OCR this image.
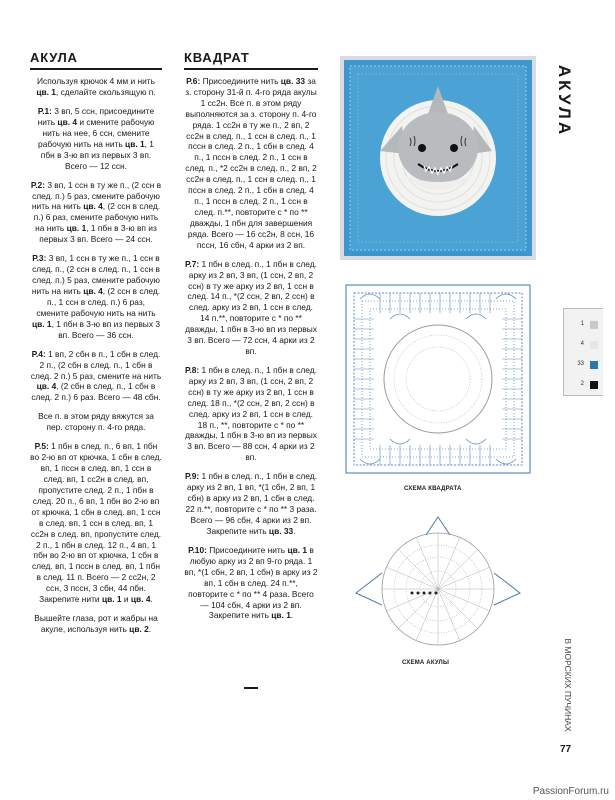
АКУЛА
Используя крючок 4 мм и нить цв. 1, сделайте скользящую п.
Р.1: 3 вп, 5 ссн, присоедините нить цв. 4 и смените рабочую нить на нее, 6 ссн, смените рабочую нить на нить цв. 1, 1 пбн в 3-ю вп из первых 3 вп. Всего — 12 ссн.
Р.2: 3 вп, 1 ссн в ту же п., (2 ссн в след. п.) 5 раз, смените рабочую нить на нить цв. 4, (2 ссн в след. п.) 6 раз, смените рабочую нить на нить цв. 1, 1 пбн в 3-ю вп из первых 3 вп. Всего — 24 ссн.
Р.3: 3 вп, 1 ссн в ту же п., 1 ссн в след. п., (2 ссн в след. п., 1 ссн в след. п.) 5 раз, смените рабочую нить на нить цв. 4, (2 ссн в след. п., 1 ссн в след. п.) 6 раз, смените рабочую нить на нить цв. 1, 1 пбн в 3-ю вп из первых 3 вп. Всего — 36 ссн.
Р.4: 1 вп, 2 сбн в п., 1 сбн в след. 2 п., (2 сбн в след. п., 1 сбн в след. 2 п.) 5 раз, смените на нить цв. 4, (2 сбн в след. п., 1 сбн в след. 2 п.) 6 раз. Всего — 48 сбн.
Все п. в этом ряду вяжутся за пер. сторону п. 4-го ряда.
Р.5: 1 пбн в след. п., 6 вп, 1 пбн во 2-ю вп от крючка, 1 сбн в след. вп, 1 пссн в след. вп, 1 ссн в след. вп, 1 сс2н в след. вп, пропустите след. 2 п., 1 пбн в след. 20 п., 6 вп, 1 пбн во 2-ю вп от крючка, 1 сбн в след. вп, 1 ссн в след. вп, 1 ссн в след. вп, 1 сс2н в след. вп, пропустите след. 2 п., 1 пбн в след. 12 п., 4 вп, 1 пбн во 2-ю вп от крючка, 1 сбн в след. вп, 1 пссн в след. вп, 1 пбн в след. 11 п. Всего — 2 сс2н, 2 ссн, 3 пссн, 3 сбн, 44 пбн. Закрепите нити цв. 1 и цв. 4.
Вышейте глаза, рот и жабры на акуле, используя нить цв. 2.
КВАДРАТ
Р.6: Присоедините нить цв. 33 за з. сторону 31-й п. 4-го ряда акулы 1 сс2н. Все п. в этом ряду выполняются за з. сторону п. 4-го ряда. 1 сс2н в ту же п., 2 вп, 2 сс2н в след. п., 1 ссн в след. п., 1 пссн в след. 2 п., 1 сбн в след. 4 п., 1 пссн в след. 2 п., 1 ссн в след. п., *2 сс2н в след. п., 2 вп, 2 сс2н в след. п., 1 ссн в след. п., 1 пссн в след. 2 п., 1 сбн в след. 4 п., 1 пссн в след. 2 п., 1 ссн в след. п.**, повторите с * по ** дважды, 1 пбн для завершения ряда. Всего — 16 сс2н, 8 ссн, 16 пссн, 16 сбн, 4 арки из 2 вп.
Р.7: 1 пбн в след. п., 1 пбн в след. арку из 2 вп, 3 вп, (1 ссн, 2 вп, 2 ссн) в ту же арку из 2 вп, 1 ссн в след. 14 п., *(2 ссн, 2 вп, 2 ссн) в след. арку из 2 вп, 1 ссн в след. 14 п.**, повторите с * по ** дважды, 1 пбн в 3-ю вп из первых 3 вп. Всего — 72 ссн, 4 арки из 2 вп.
Р.8: 1 пбн в след. п., 1 пбн в след. арку из 2 вп, 3 вп, (1 ссн, 2 вп, 2 ссн) в ту же арку из 2 вп, 1 ссн в след. 18 п., *(2 ссн, 2 вп, 2 ссн) в след. арку из 2 вп, 1 ссн в след. 18 п., **, повторите с * по ** дважды, 1 пбн в 3-ю вп из первых 3 вп. Всего — 88 ссн, 4 арки из 2 вп.
Р.9: 1 пбн в след. п., 1 пбн в след. арку из 2 вп, 1 вп, *(1 сбн, 2 вп, 1 сбн) в арку из 2 вп, 1 сбн в след. 22 п.**, повторите с * по ** 3 раза. Всего — 96 сбн, 4 арки из 2 вп. Закрепите нить цв. 33.
Р.10: Присоедините нить цв. 1 в любую арку из 2 вп 9-го ряда. 1 вп, *(1 сбн, 2 вп, 1 сбн) в арку из 2 вп, 1 сбн в след. 24 п.**, повторите с * по ** 4 раза. Всего — 104 сбн, 4 арки из 2 вп. Закрепите нить цв. 1.
СХЕМА КВАДРАТА
СХЕМА АКУЛЫ
АКУЛА
1
4
33
2
В МОРСКИХ ПУЧИНАХ
77
PassionForum.ru
